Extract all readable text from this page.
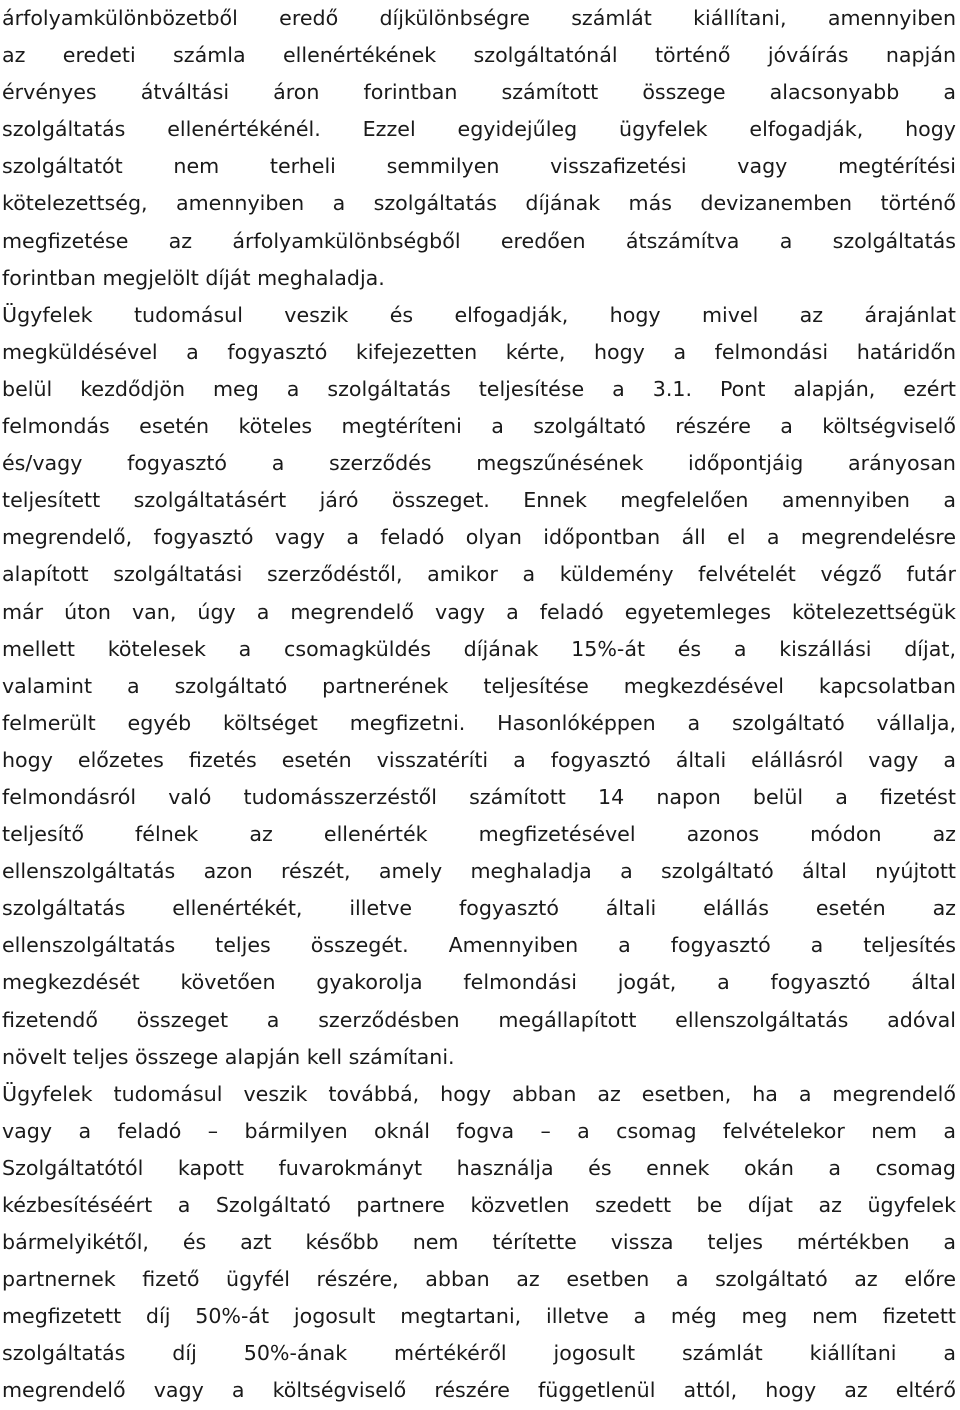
árfolyamkülönbözetből eredő díjkülönbségre számlát kiállítani, amennyiben
az eredeti számla ellenértékének szolgáltatónál történő jóváírás napján
érvényes átváltási áron forintban számított összege alacsonyabb a
szolgáltatás ellenértékénél. Ezzel egyidejűleg ügyfelek elfogadják, hogy
szolgáltatót nem terheli semmilyen visszafizetési vagy megtérítési
kötelezettség, amennyiben a szolgáltatás díjának más devizanemben történő
megfizetése az árfolyamkülönbségből eredően átszámítva a szolgáltatás
forintban megjelölt díját meghaladja.
Ügyfelek tudomásul veszik és elfogadják, hogy mivel az árajánlat
megküldésével a fogyasztó kifejezetten kérte, hogy a felmondási határidőn
belül kezdődjön meg a szolgáltatás teljesítése a 3.1. Pont alapján, ezért
felmondás esetén köteles megtéríteni a szolgáltató részére a költségviselő
és/vagy fogyasztó a szerződés megszűnésének időpontjáig arányosan
teljesített szolgáltatásért járó összeget. Ennek megfelelően amennyiben a
megrendelő, fogyasztó vagy a feladó olyan időpontban áll el a megrendelésre
alapított szolgáltatási szerződéstől, amikor a küldemény felvételét végző futár
már úton van, úgy a megrendelő vagy a feladó egyetemleges kötelezettségük
mellett kötelesek a csomagküldés díjának 15%-át és a kiszállási díjat,
valamint a szolgáltató partnerének teljesítése megkezdésével kapcsolatban
felmerült egyéb költséget megfizetni. Hasonlóképpen a szolgáltató vállalja,
hogy előzetes fizetés esetén visszatéríti a fogyasztó általi elállásról vagy a
felmondásról való tudomásszerzéstől számított 14 napon belül a fizetést
teljesítő félnek az ellenérték megfizetésével azonos módon az
ellenszolgáltatás azon részét, amely meghaladja a szolgáltató által nyújtott
szolgáltatás ellenértékét, illetve fogyasztó általi elállás esetén az
ellenszolgáltatás teljes összegét. Amennyiben a fogyasztó a teljesítés
megkezdését követően gyakorolja felmondási jogát, a fogyasztó által
fizetendő összeget a szerződésben megállapított ellenszolgáltatás adóval
növelt teljes összege alapján kell számítani.
Ügyfelek tudomásul veszik továbbá, hogy abban az esetben, ha a megrendelő
vagy a feladó – bármilyen oknál fogva – a csomag felvételekor nem a
Szolgáltatótól kapott fuvarokmányt használja és ennek okán a csomag
kézbesítéséért a Szolgáltató partnere közvetlen szedett be díjat az ügyfelek
bármelyikétől, és azt később nem térítette vissza teljes mértékben a
partnernek fizető ügyfél részére, abban az esetben a szolgáltató az előre
megfizetett díj 50%-át jogosult megtartani, illetve a még meg nem fizetett
szolgáltatás díj 50%-ának mértékéről jogosult számlát kiállítani a
megrendelő vagy a költségviselő részére függetlenül attól, hogy az eltérő
